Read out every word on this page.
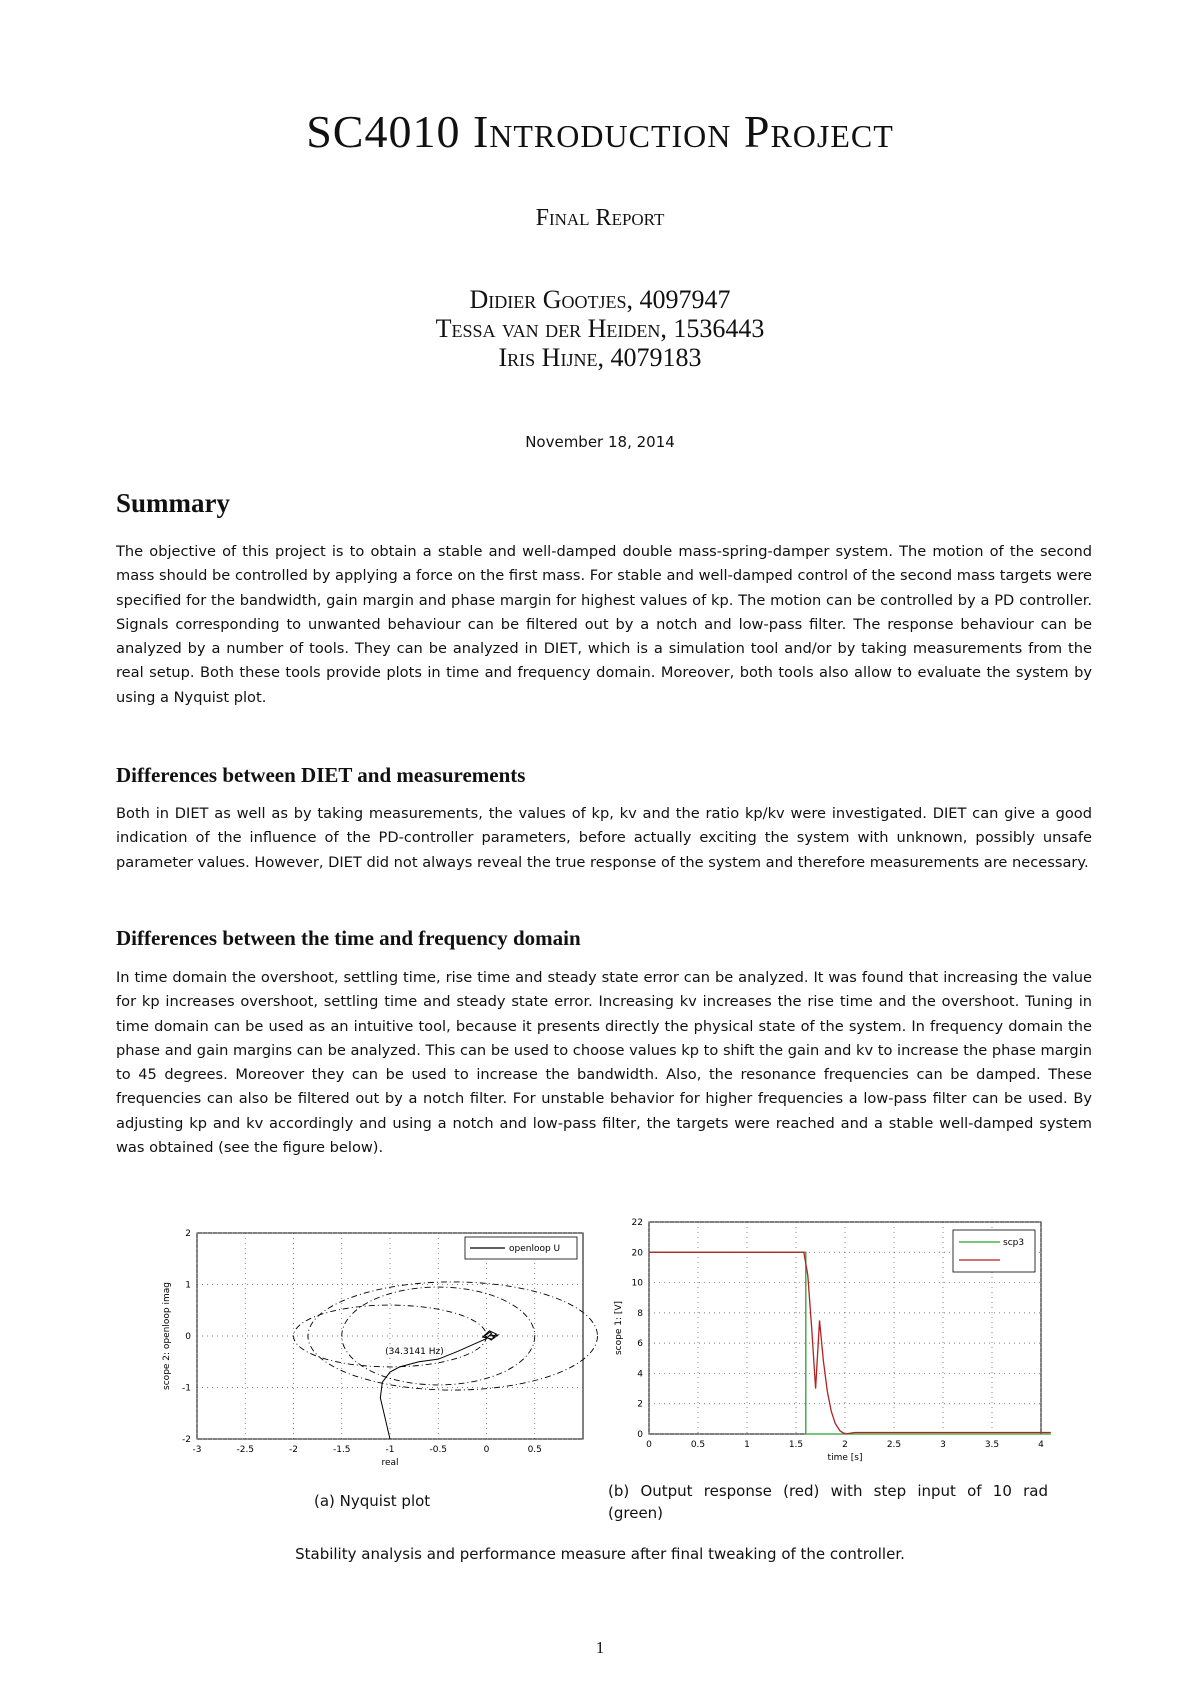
SC4010 Introduction Project
Final Report
Didier Gootjes, 4097947
Tessa van der Heiden, 1536443
Iris Hijne, 4079183
November 18, 2014
Summary
The objective of this project is to obtain a stable and well-damped double mass-spring-damper system. The motion of the second mass should be controlled by applying a force on the first mass. For stable and well-damped control of the second mass targets were specified for the bandwidth, gain margin and phase margin for highest values of kp. The motion can be controlled by a PD controller. Signals corresponding to unwanted behaviour can be filtered out by a notch and low-pass filter. The response behaviour can be analyzed by a number of tools. They can be analyzed in DIET, which is a simulation tool and/or by taking measurements from the real setup. Both these tools provide plots in time and frequency domain. Moreover, both tools also allow to evaluate the system by using a Nyquist plot.
Differences between DIET and measurements
Both in DIET as well as by taking measurements, the values of kp, kv and the ratio kp/kv were investigated. DIET can give a good indication of the influence of the PD-controller parameters, before actually exciting the system with unknown, possibly unsafe parameter values. However, DIET did not always reveal the true response of the system and therefore measurements are necessary.
Differences between the time and frequency domain
In time domain the overshoot, settling time, rise time and steady state error can be analyzed. It was found that increasing the value for kp increases overshoot, settling time and steady state error. Increasing kv increases the rise time and the overshoot. Tuning in time domain can be used as an intuitive tool, because it presents directly the physical state of the system. In frequency domain the phase and gain margins can be analyzed. This can be used to choose values kp to shift the gain and kv to increase the phase margin to 45 degrees. Moreover they can be used to increase the bandwidth. Also, the resonance frequencies can be damped. These frequencies can also be filtered out by a notch filter. For unstable behavior for higher frequencies a low-pass filter can be used. By adjusting kp and kv accordingly and using a notch and low-pass filter, the targets were reached and a stable well-damped system was obtained (see the figure below).
-3	-2.5	-2	-1.5	-1	-0.5	0	0.5
-2
-1
0
1
2
real
scope 2: openloop imag	(34.3141 Hz)
openloop U
0	0.5	1	1.5	2	2.5	3	3.5	4
0
2
4
6
8
10
20
22
time [s]
scope 1: [V]
scp3
(a) Nyquist plot
(b) Output response (red) with step input of 10 rad (green)
Stability analysis and performance measure after final tweaking of the controller.
1
